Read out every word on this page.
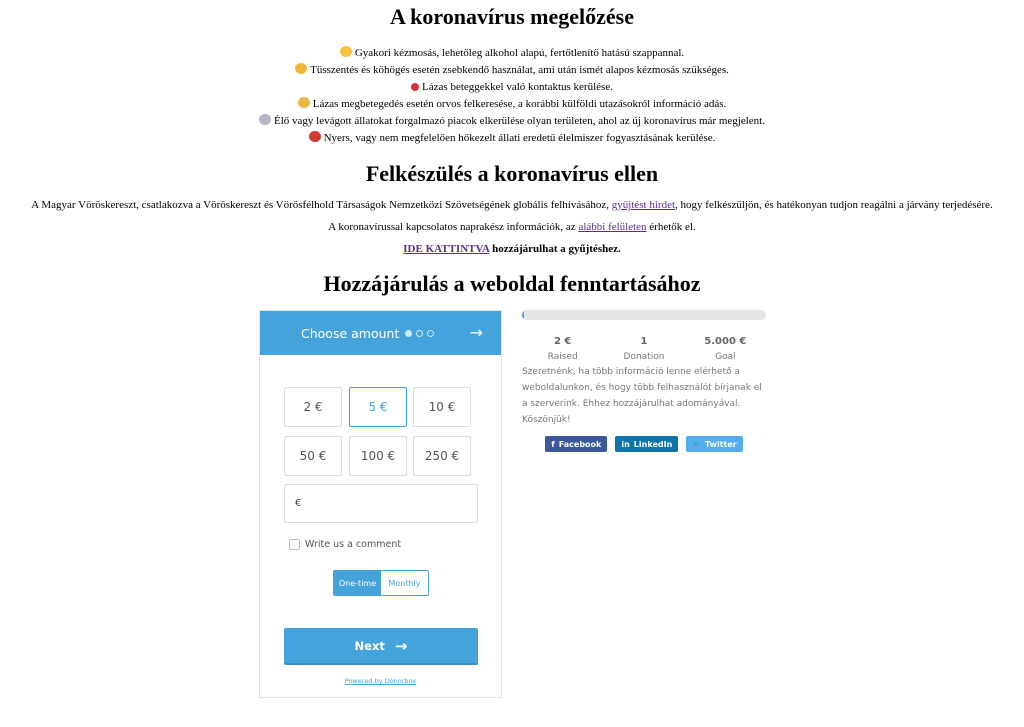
A koronavírus megelőzése
Gyakori kézmosás, lehetőleg alkohol alapú, fertőtlenítő hatású szappannal.
Tüsszentés és köhögés esetén zsebkendő használat, ami után ismét alapos kézmosás szükséges.
Lázas beteggekkel való kontaktus kerülése.
Lázas megbetegedés esetén orvos felkeresése, a korábbi külföldi utazásokról információ adás.
Élő vagy levágott állatokat forgalmazó piacok elkerülése olyan területen, ahol az új koronavírus már megjelent.
Nyers, vagy nem megfelelően hőkezelt állati eredetű élelmiszer fogyasztásának kerülése.
Felkészülés a koronavírus ellen
A Magyar Vöröskereszt, csatlakozva a Vöröskereszt és Vörösfélhold Társaságok Nemzetközi Szövetségének globális felhívásához, gyűjtést hirdet, hogy felkészüljön, és hatékonyan tudjon reagálni a járvány terjedésére.
A koronavírussal kapcsolatos naprakész információk, az alábbi felületen érhetők el.
IDE KATTINTVA hozzájárulhat a gyűjtéshez.
Hozzájárulás a weboldal fenntartásához
Choose amount	→
2 €	5 €	10 €
50 €	100 €	250 €
€
Write us a comment
One-time	Monthly
Next →
Powered by Donorbox
2 €
Raised
1
Donation
5.000 €
Goal
Szeretnénk, ha több információ lenne elérhető a weboldalunkon, és hogy több felhasználót bírjanak el a szerverink. Ehhez hozzájárulhat adományával. Köszönjük!
f Facebook	in LinkedIn	🐦 Twitter
